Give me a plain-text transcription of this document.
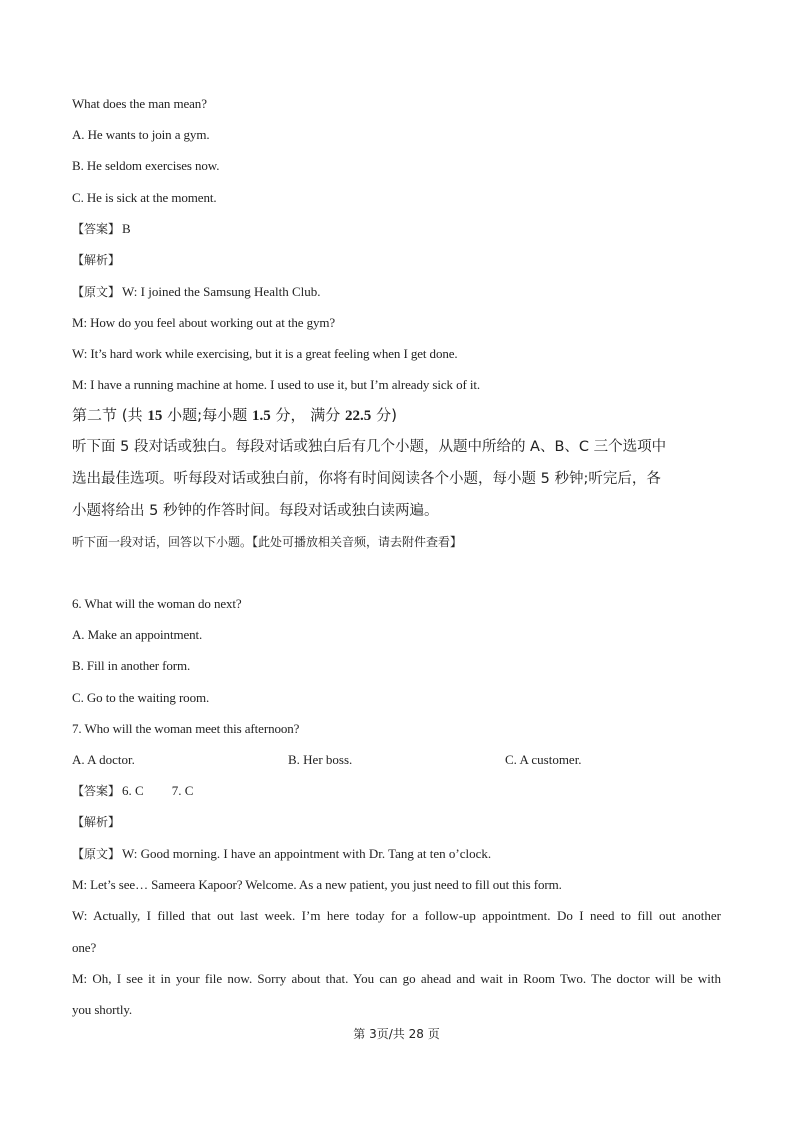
What does the man mean?
A. He wants to join a gym.
B. He seldom exercises now.
C. He is sick at the moment.
【答案】 B
【解析】
【原文】 W: I joined the Samsung Health Club.
M: How do you feel about working out at the gym?
W: It’s hard work while exercising, but it is a great feeling when I get done.
M: I have a running machine at home. I used to use it, but I’m already sick of it.
第二节 (共 15 小题;每小题 1.5 分， 满分 22.5 分)
听下面 5 段对话或独白。每段对话或独白后有几个小题，从题中所给的 A、B、C 三个选项中
选出最佳选项。听每段对话或独白前，你将有时间阅读各个小题，每小题 5 秒钟;听完后，各
小题将给出 5 秒钟的作答时间。每段对话或独白读两遍。
听下面一段对话，回答以下小题。【此处可播放相关音频，请去附件查看】
6. What will the woman do next?
A. Make an appointment.
B. Fill in another form.
C. Go to the waiting room.
7. Who will the woman meet this afternoon?
A. A doctor.	B. Her boss.	C. A customer.
【答案】 6. C 7. C
【解析】
【原文】 W: Good morning. I have an appointment with Dr. Tang at ten o’clock.
M: Let’s see… Sameera Kapoor? Welcome. As a new patient, you just need to fill out this form.
W: Actually, I filled that out last week. I’m here today for a follow-up appointment. Do I need to fill out another
one?
M: Oh, I see it in your file now. Sorry about that. You can go ahead and wait in Room Two. The doctor will be with
you shortly.
第 3页/共 28 页
